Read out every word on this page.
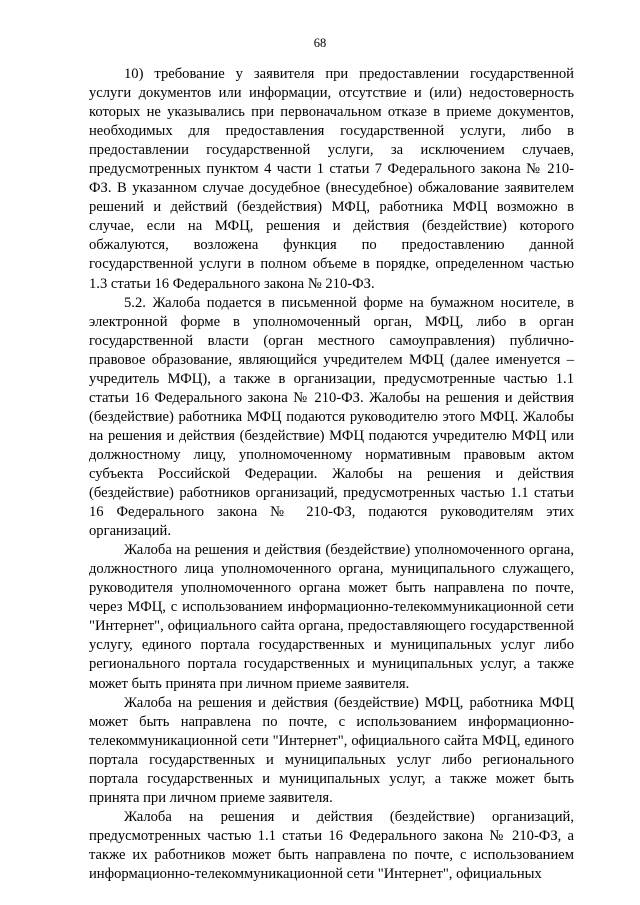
68

10) требование у заявителя при предоставлении государственной услуги документов или информации, отсутствие и (или) недостоверность которых не указывались при первоначальном отказе в приеме документов, необходимых для предоставления государственной услуги, либо в предоставлении государственной услуги, за исключением случаев, предусмотренных пунктом 4 части 1 статьи 7 Федерального закона № 210-ФЗ. В указанном случае досудебное (внесудебное) обжалование заявителем решений и действий (бездействия) МФЦ, работника МФЦ возможно в случае, если на МФЦ, решения и действия (бездействие) которого обжалуются, возложена функция по предоставлению данной государственной услуги в полном объеме в порядке, определенном частью 1.3 статьи 16 Федерального закона № 210-ФЗ.

5.2. Жалоба подается в письменной форме на бумажном носителе, в электронной форме в уполномоченный орган, МФЦ, либо в орган государственной власти (орган местного самоуправления) публично-правовое образование, являющийся учредителем МФЦ (далее именуется – учредитель МФЦ), а также в организации, предусмотренные частью 1.1 статьи 16 Федерального закона № 210-ФЗ. Жалобы на решения и действия (бездействие) работника МФЦ подаются руководителю этого МФЦ. Жалобы на решения и действия (бездействие) МФЦ подаются учредителю МФЦ или должностному лицу, уполномоченному нормативным правовым актом субъекта Российской Федерации. Жалобы на решения и действия (бездействие) работников организаций, предусмотренных частью 1.1 статьи 16 Федерального закона № 210-ФЗ, подаются руководителям этих организаций.

Жалоба на решения и действия (бездействие) уполномоченного органа, должностного лица уполномоченного органа, муниципального служащего, руководителя уполномоченного органа может быть направлена по почте, через МФЦ, с использованием информационно-телекоммуникационной сети "Интернет", официального сайта органа, предоставляющего государственной услугу, единого портала государственных и муниципальных услуг либо регионального портала государственных и муниципальных услуг, а также может быть принята при личном приеме заявителя.

Жалоба на решения и действия (бездействие) МФЦ, работника МФЦ может быть направлена по почте, с использованием информационно-телекоммуникационной сети "Интернет", официального сайта МФЦ, единого портала государственных и муниципальных услуг либо регионального портала государственных и муниципальных услуг, а также может быть принята при личном приеме заявителя.

Жалоба на решения и действия (бездействие) организаций, предусмотренных частью 1.1 статьи 16 Федерального закона № 210-ФЗ, а также их работников может быть направлена по почте, с использованием информационно-телекоммуникационной сети "Интернет", официальных
